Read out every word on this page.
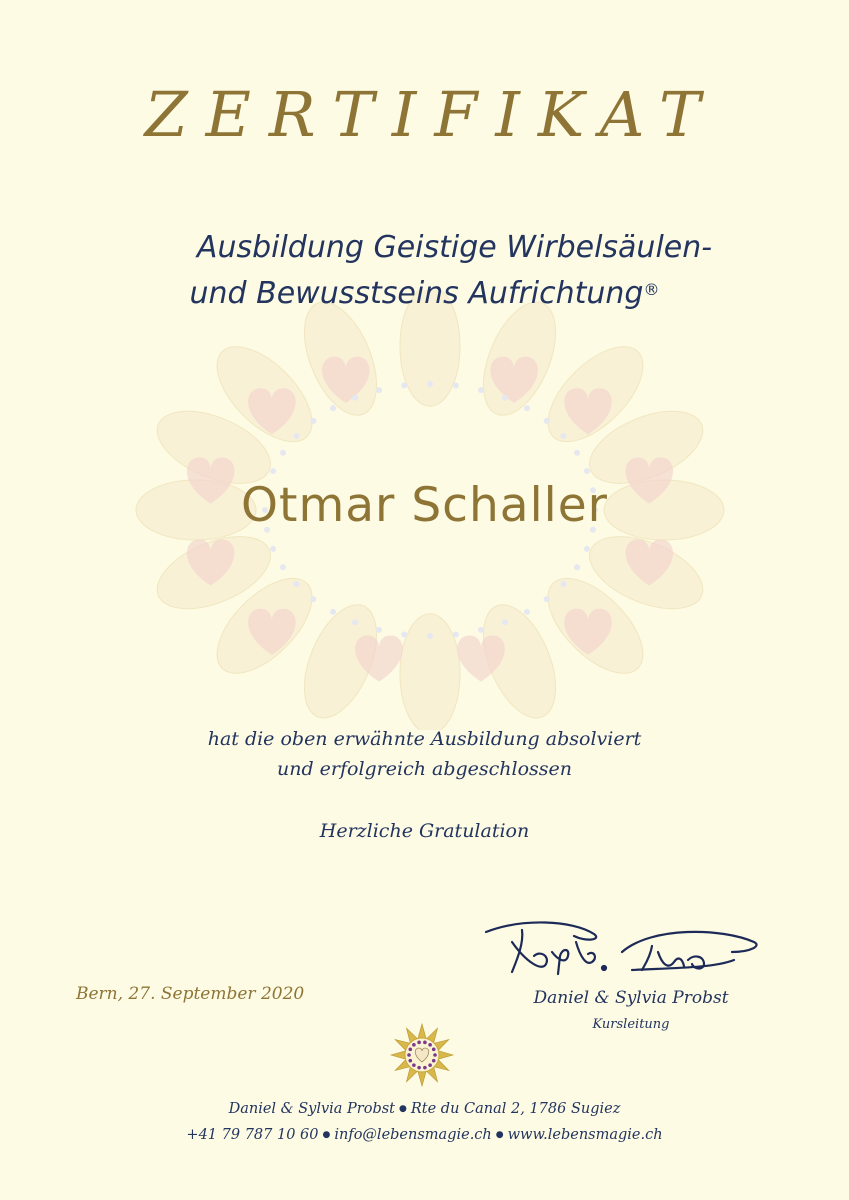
ZERTIFIKAT
Ausbildung Geistige Wirbelsäulen-
und Bewusstseins Aufrichtung®
Otmar Schaller
hat die oben erwähnte Ausbildung absolviert
und erfolgreich abgeschlossen
Herzliche Gratulation
Bern, 27. September 2020	Daniel & Sylvia Probst
Kursleitung
Daniel & Sylvia Probst ● Rte du Canal 2, 1786 Sugiez
+41 79 787 10 60 ● info@lebensmagie.ch ● www.lebensmagie.ch
